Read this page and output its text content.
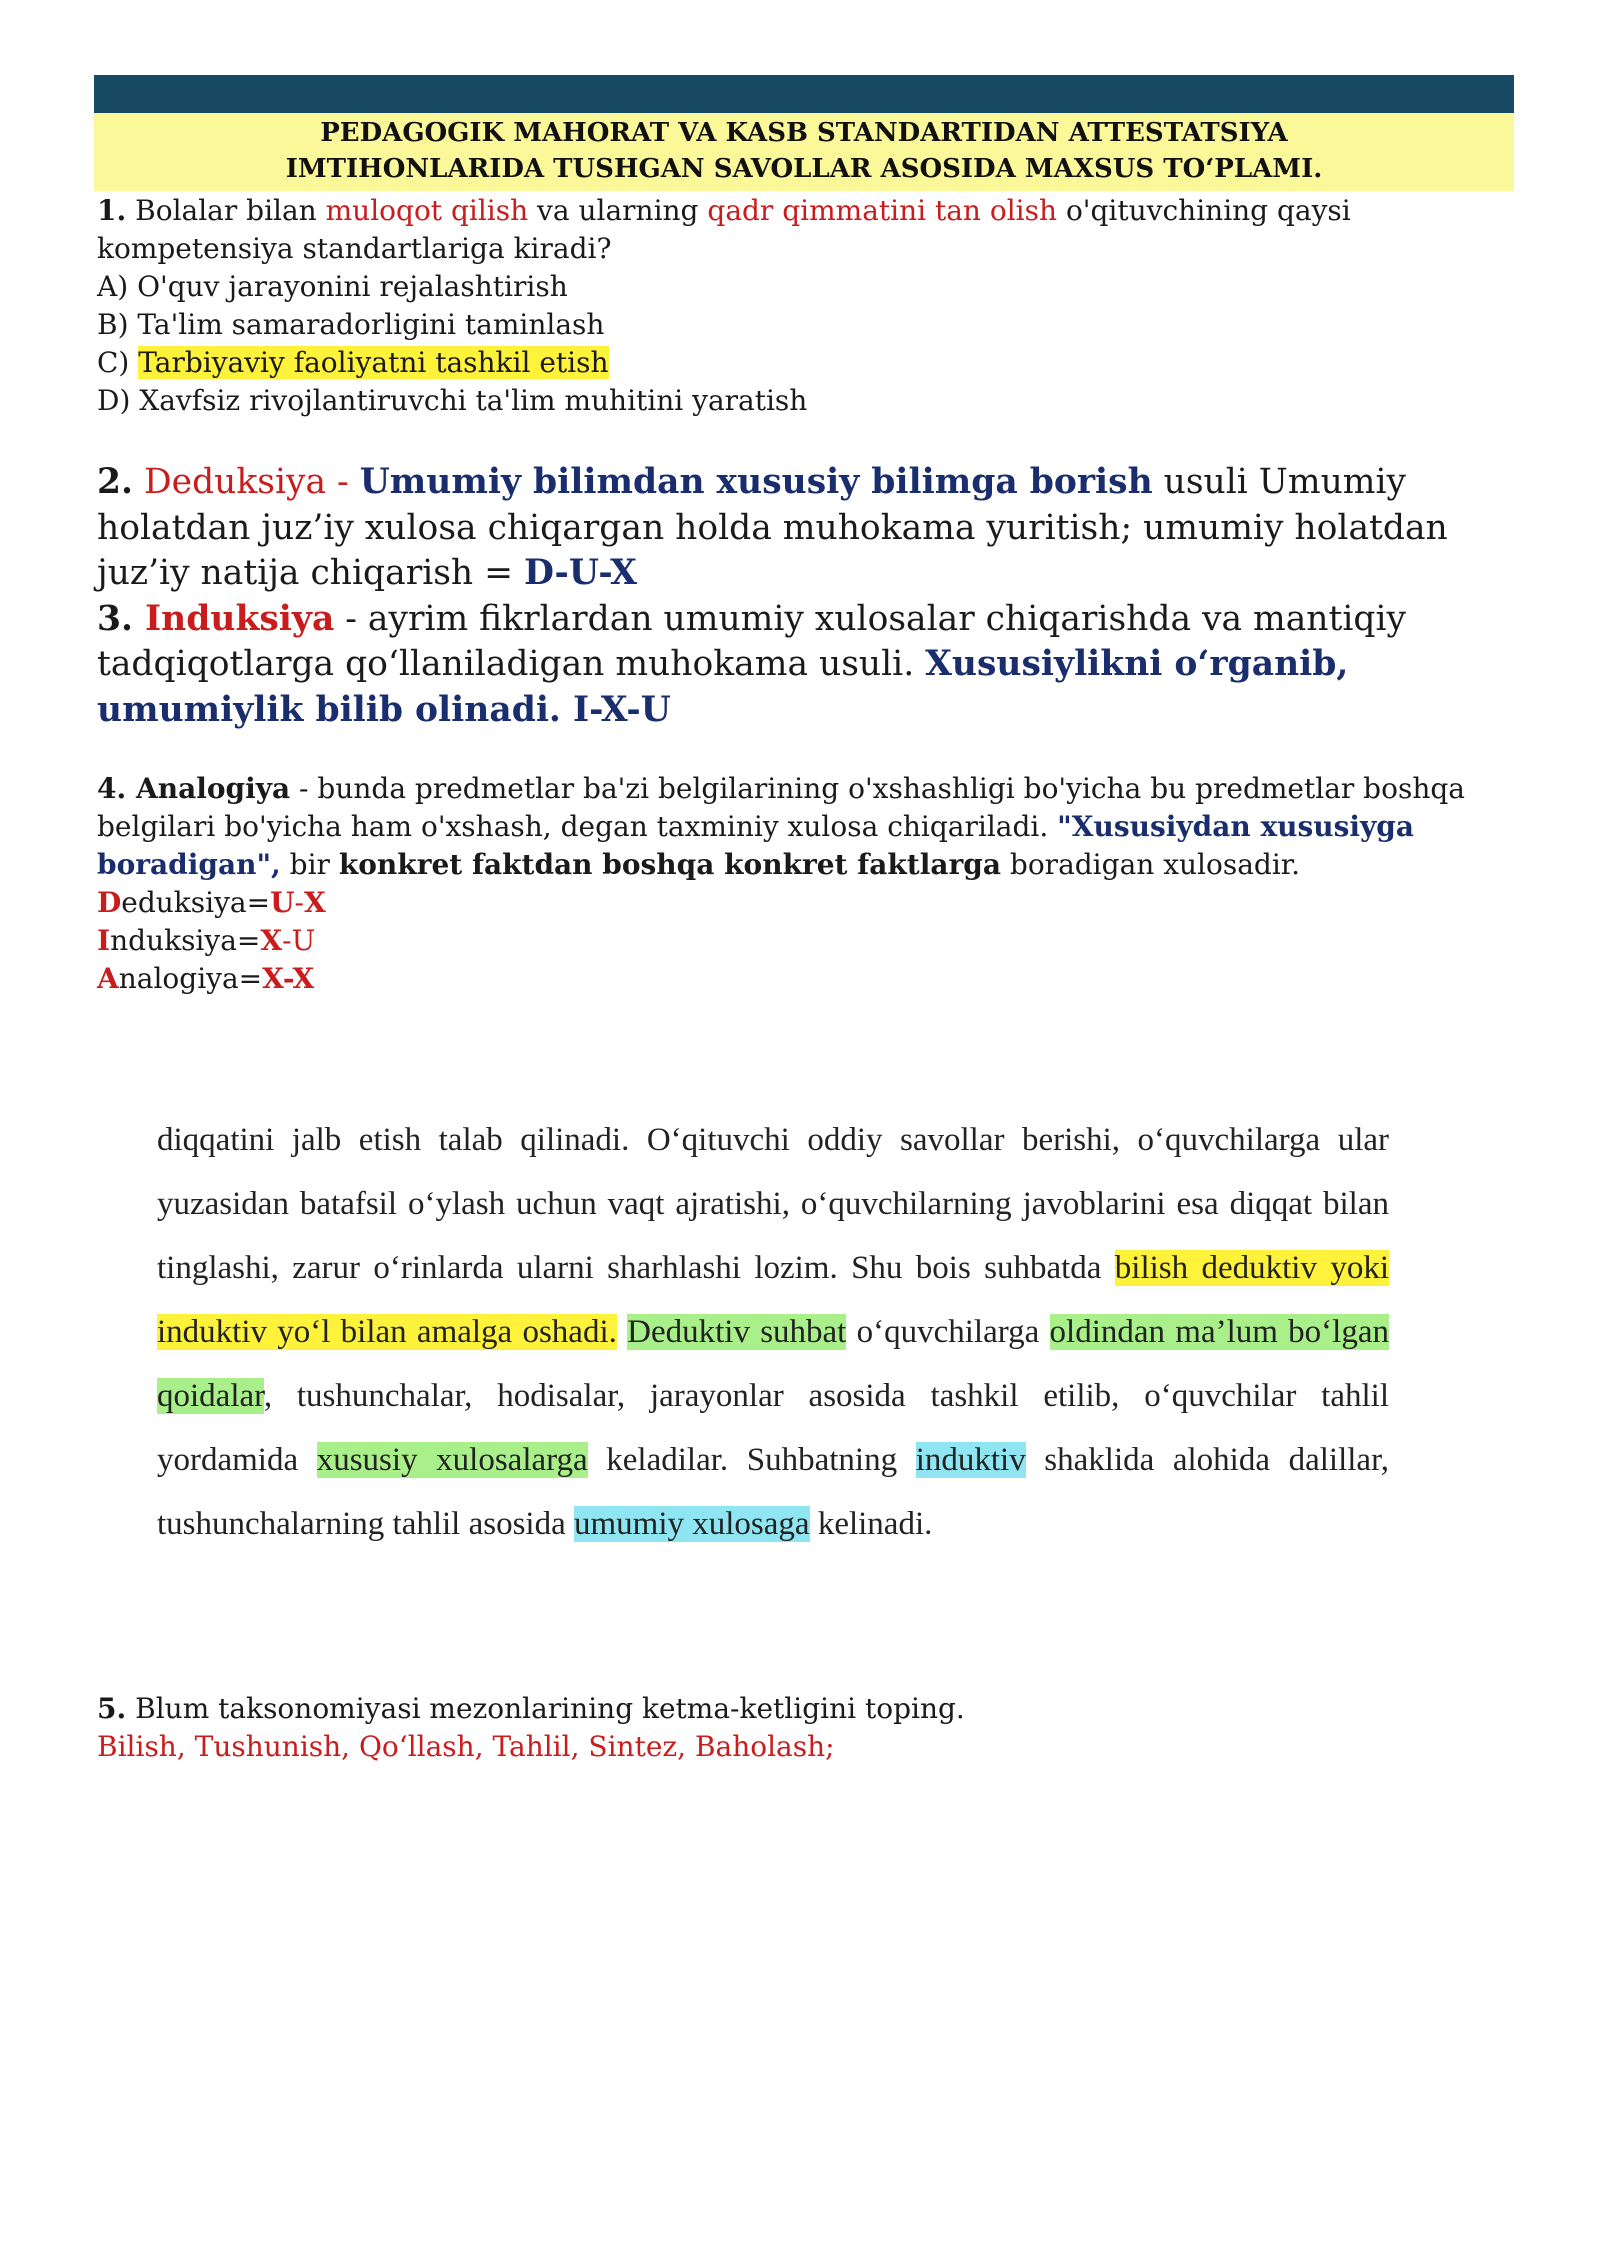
PEDAGOGIK MAHORAT VA KASB STANDARTIDAN ATTESTATSIYA
IMTIHONLARIDA TUSHGAN SAVOLLAR ASOSIDA MAXSUS TO‘PLAMI.

1. Bolalar bilan muloqot qilish va ularning qadr qimmatini tan olish o'qituvchining qaysi kompetensiya standartlariga kiradi?

A) O'quv jarayonini rejalashtirish
B) Ta'lim samaradorligini taminlash
C) Tarbiyaviy faoliyatni tashkil etish
D) Xavfsiz rivojlantiruvchi ta'lim muhitini yaratish

2. Deduksiya - Umumiy bilimdan xususiy bilimga borish usuli Umumiy holatdan juz’iy xulosa chiqargan holda muhokama yuritish; umumiy holatdan juz’iy natija chiqarish = D-U-X

3. Induksiya - ayrim fikrlardan umumiy xulosalar chiqarishda va mantiqiy tadqiqotlarga qo‘llaniladigan muhokama usuli. Xususiylikni o‘rganib, umumiylik bilib olinadi. I-X-U

4. Analogiya - bunda predmetlar ba'zi belgilarining o'xshashligi bo'yicha bu predmetlar boshqa belgilari bo'yicha ham o'xshash, degan taxminiy xulosa chiqariladi. "Xususiydan xususiyga boradigan", bir konkret faktdan boshqa konkret faktlarga boradigan xulosadir.

Deduksiya=U-X
Induksiya=X-U
Analogiya=X-X
diqqatini jalb etish talab qilinadi. O‘qituvchi oddiy savollar berishi, o‘quvchilarga ular yuzasidan batafsil o‘ylash uchun vaqt ajratishi, o‘quvchilarning javoblarini esa diqqat bilan tinglashi, zarur o‘rinlarda ularni sharhlashi lozim. Shu bois suhbatda bilish deduktiv yoki induktiv yo‘l bilan amalga oshadi. Deduktiv suhbat o‘quvchilarga oldindan ma’lum bo‘lgan qoidalar, tushunchalar, hodisalar, jarayonlar asosida tashkil etilib, o‘quvchilar tahlil yordamida xususiy xulosalarga keladilar. Suhbatning induktiv shaklida alohida dalillar, tushunchalarning tahlil asosida umumiy xulosaga kelinadi.

5. Blum taksonomiyasi mezonlarining ketma-ketligini toping.

Bilish, Tushunish, Qo‘llash, Tahlil, Sintez, Baholash;
